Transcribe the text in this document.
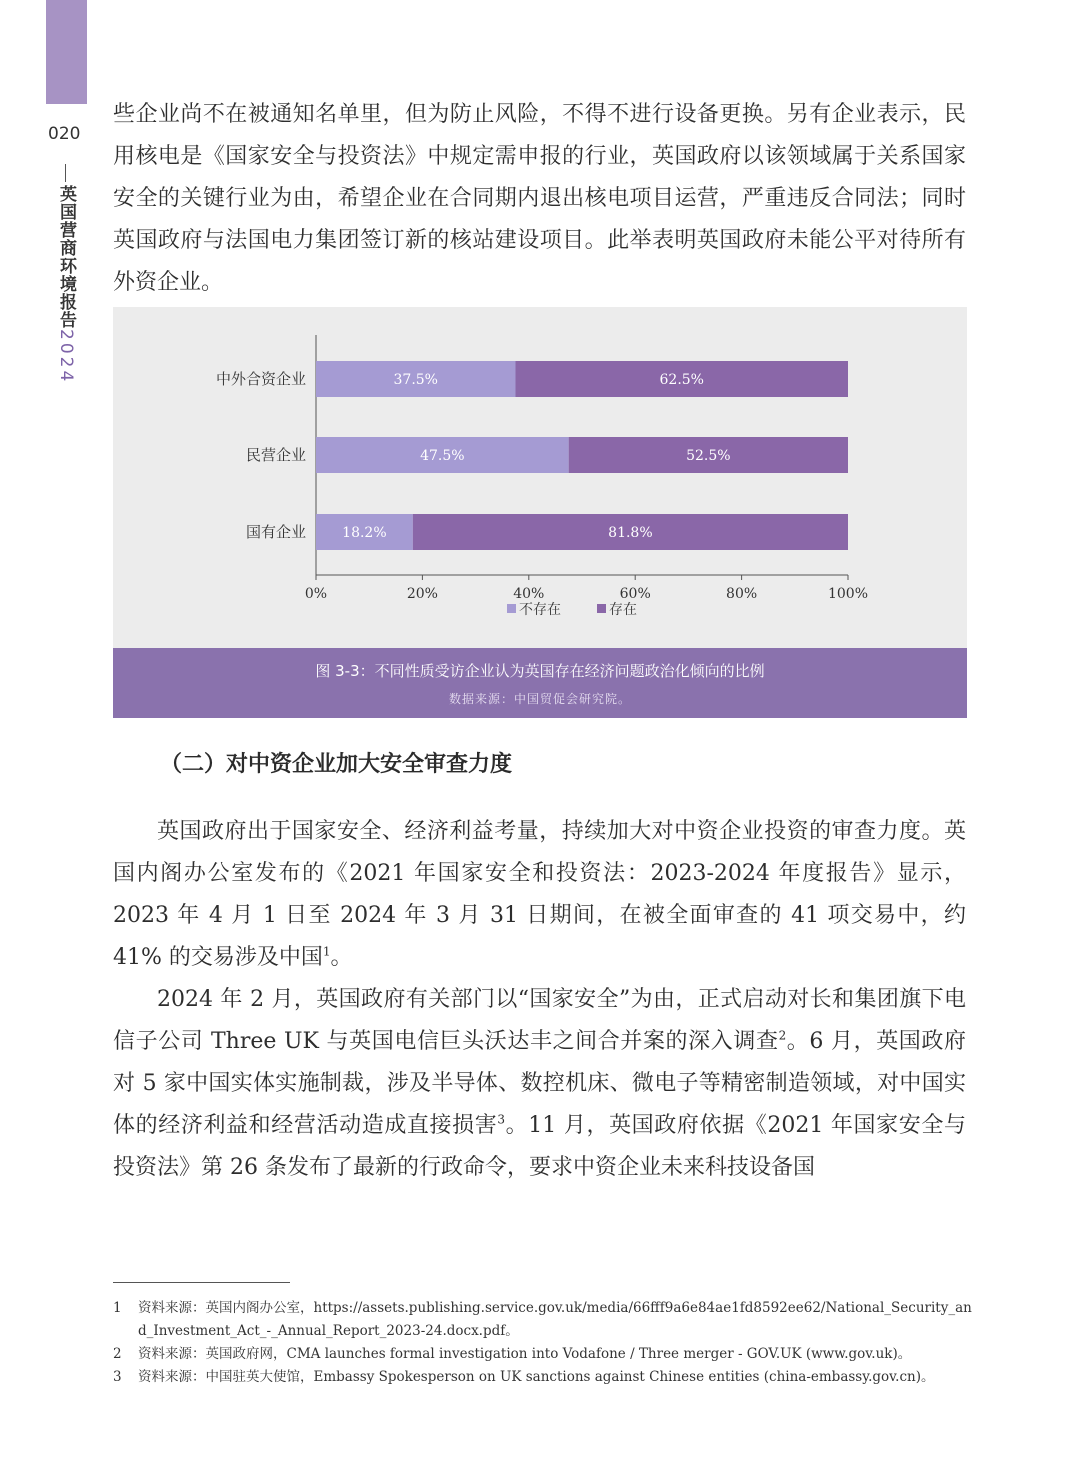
020
英国营商环境报告2024

些企业尚不在被通知名单里，但为防止风险，不得不进行设备更换。另有企业表示，民用核电是《国家安全与投资法》中规定需申报的行业，英国政府以该领域属于关系国家安全的关键行业为由，希望企业在合同期内退出核电项目运营，严重违反合同法；同时英国政府与法国电力集团签订新的核站建设项目。此举表明英国政府未能公平对待所有外资企业。

0%	20%	40%	60%	80%	100%
中外合资企业	37.5%	62.5%
民营企业	47.5%	52.5%
国有企业	18.2%	81.8%
不存在	存在
图 3-3：不同性质受访企业认为英国存在经济问题政治化倾向的比例
数据来源：中国贸促会研究院。
（二）对中资企业加大安全审查力度

英国政府出于国家安全、经济利益考量，持续加大对中资企业投资的审查力度。英国内阁办公室发布的《2021 年国家安全和投资法：2023-2024 年度报告》显示，2023 年 4 月 1 日至 2024 年 3 月 31 日期间，在被全面审查的 41 项交易中，约 41% 的交易涉及中国$^1$。

2024 年 2 月，英国政府有关部门以“国家安全”为由，正式启动对长和集团旗下电信子公司 Three UK 与英国电信巨头沃达丰之间合并案的深入调查$^2$。6 月，英国政府对 5 家中国实体实施制裁，涉及半导体、数控机床、微电子等精密制造领域，对中国实体的经济利益和经营活动造成直接损害$^3$。11 月，英国政府依据《2021 年国家安全与投资法》第 26 条发布了最新的行政命令，要求中资企业未来科技设备国

1	资料来源：英国内阁办公室，https://assets.publishing.service.gov.uk/media/66fff9a6e84ae1fd8592ee62/National_Security_and_Investment_Act_-_Annual_Report_2023-24.docx.pdf。
2	资料来源：英国政府网，CMA launches formal investigation into Vodafone / Three merger - GOV.UK (www.gov.uk)。
3	资料来源：中国驻英大使馆，Embassy Spokesperson on UK sanctions against Chinese entities (china-embassy.gov.cn)。
